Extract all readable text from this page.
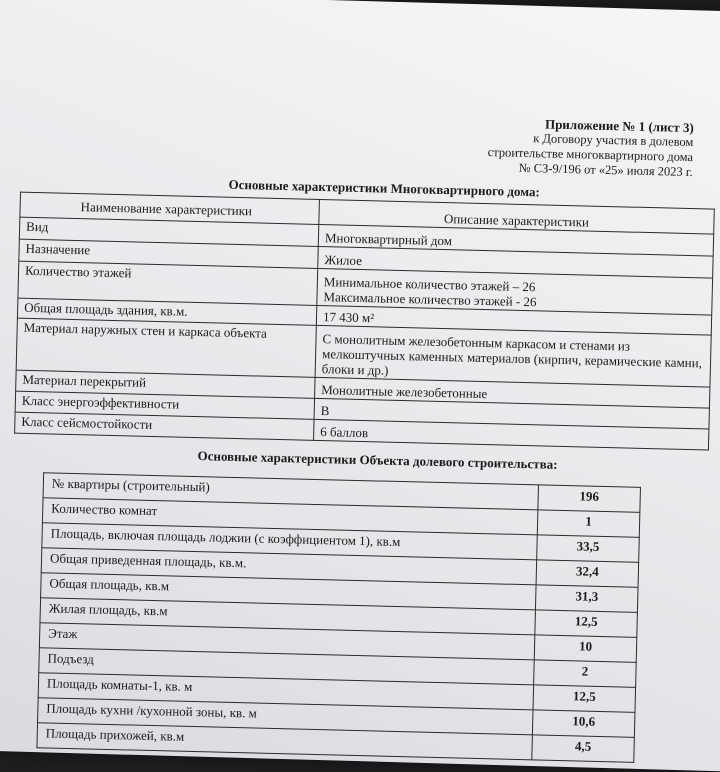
Приложение № 1 (лист 3)
к Договору участия в долевом
строительстве многоквартирного дома
№ СЗ-9/196 от «25» июля 2023 г.
Основные характеристики Многоквартирного дома:
Наименование характеристики	Описание характеристики
Вид	Многоквартирный дом
Назначение	Жилое
Количество этажей	Минимальное количество этажей – 26
Максимальное количество этажей - 26

Общая площадь здания, кв.м.	17 430 м²
Материал наружных стен и каркаса объекта	С монолитным железобетонным каркасом и стенами из мелкоштучных каменных материалов (кирпич, керамические камни, блоки и др.)
Материал перекрытий	Монолитные железобетонные
Класс энергоэффективности	В
Класс сейсмостойкости	6 баллов
Основные характеристики Объекта долевого строительства:
№ квартиры (строительный)	196
Количество комнат	1
Площадь, включая площадь лоджии (с коэффициентом 1), кв.м	33,5
Общая приведенная площадь, кв.м.	32,4
Общая площадь, кв.м	31,3
Жилая площадь, кв.м	12,5
Этаж	10
Подъезд	2
Площадь комнаты-1, кв. м	12,5
Площадь кухни /кухонной зоны, кв. м	10,6
Площадь прихожей, кв.м	4,5
